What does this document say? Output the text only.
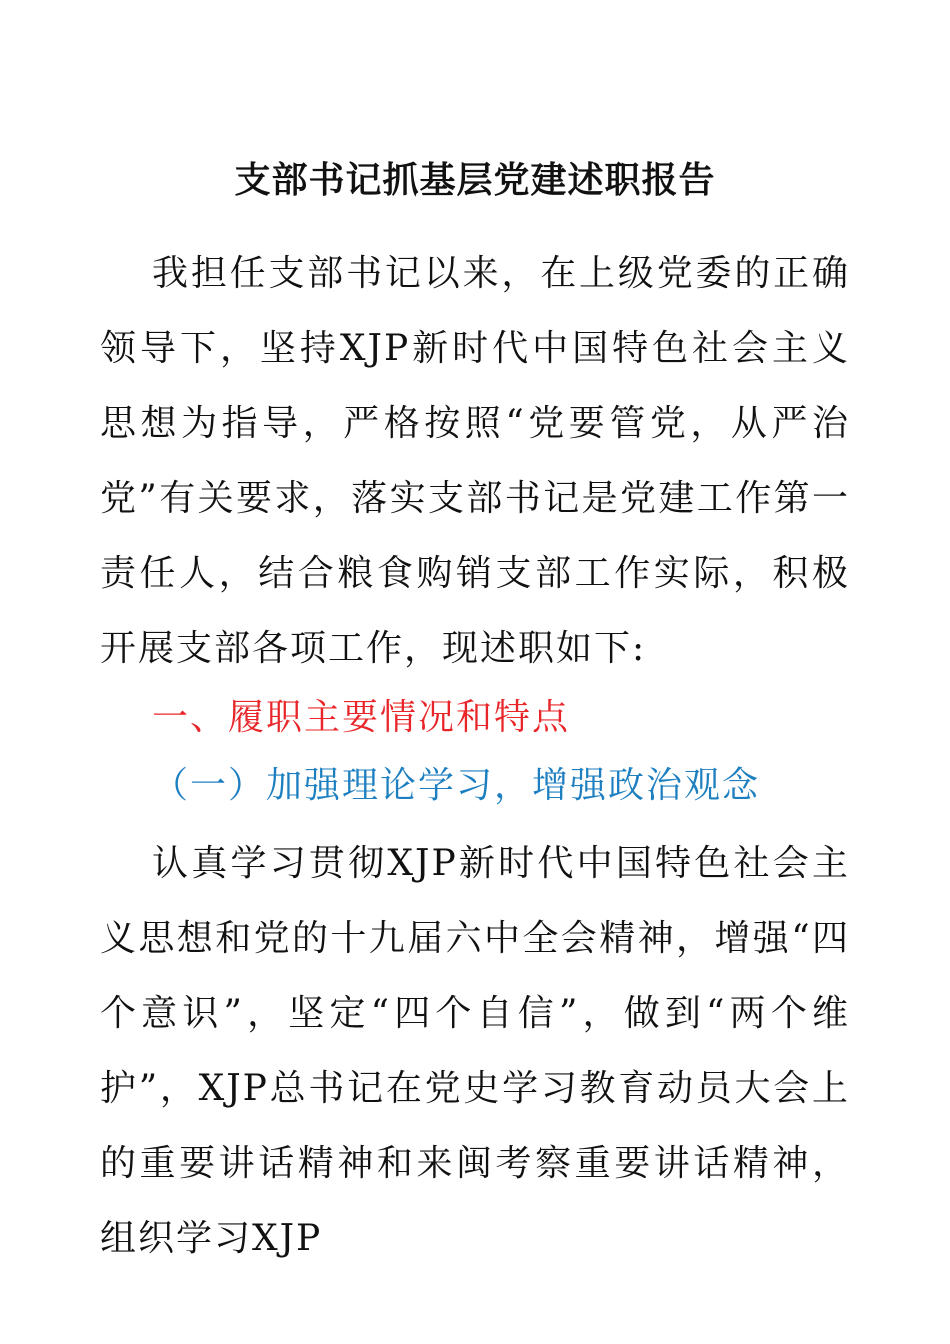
支部书记抓基层党建述职报告

我担任支部书记以来，在上级党委的正确领导下，坚持XJP新时代中国特色社会主义思想为指导，严格按照“党要管党，从严治党”有关要求，落实支部书记是党建工作第一责任人，结合粮食购销支部工作实际，积极开展支部各项工作，现述职如下:

一、履职主要情况和特点
（一）加强理论学习，增强政治观念

认真学习贯彻XJP新时代中国特色社会主义思想和党的十九届六中全会精神，增强“四个意识”，坚定“四个自信”，做到“两个维护”，XJP总书记在党史学习教育动员大会上的重要讲话精神和来闽考察重要讲话精神，组织学习XJP
